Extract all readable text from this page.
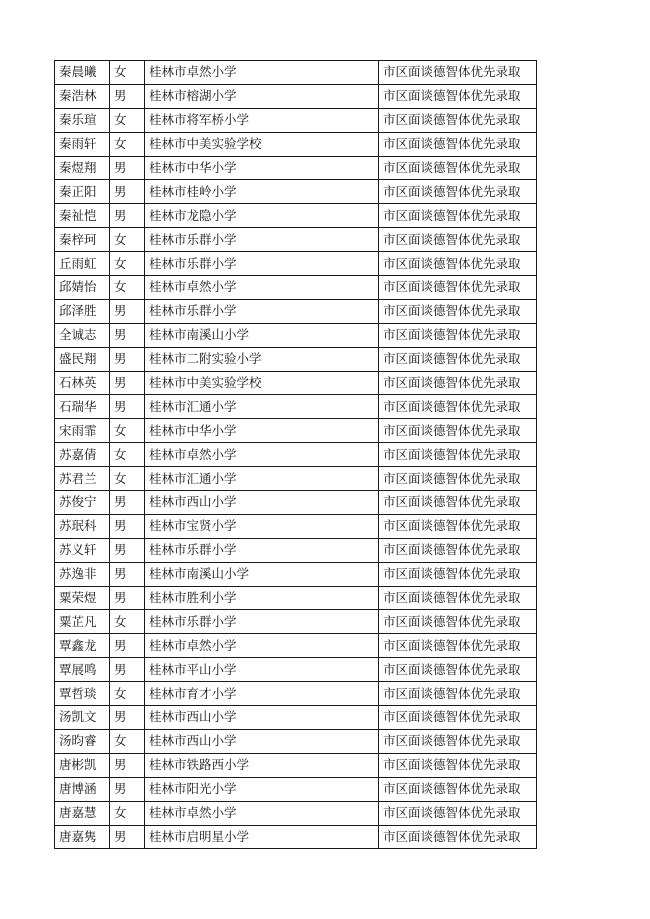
秦晨曦	女	桂林市卓然小学	市区面谈德智体优先录取
秦浩林	男	桂林市榕湖小学	市区面谈德智体优先录取
秦乐瑄	女	桂林市将军桥小学	市区面谈德智体优先录取
秦雨轩	女	桂林市中美实验学校	市区面谈德智体优先录取
秦煜翔	男	桂林市中华小学	市区面谈德智体优先录取
秦正阳	男	桂林市桂岭小学	市区面谈德智体优先录取
秦祉恺	男	桂林市龙隐小学	市区面谈德智体优先录取
秦梓珂	女	桂林市乐群小学	市区面谈德智体优先录取
丘雨虹	女	桂林市乐群小学	市区面谈德智体优先录取
邱婧怡	女	桂林市卓然小学	市区面谈德智体优先录取
邱泽胜	男	桂林市乐群小学	市区面谈德智体优先录取
全诚志	男	桂林市南溪山小学	市区面谈德智体优先录取
盛民翔	男	桂林市二附实验小学	市区面谈德智体优先录取
石林英	男	桂林市中美实验学校	市区面谈德智体优先录取
石瑞华	男	桂林市汇通小学	市区面谈德智体优先录取
宋雨霏	女	桂林市中华小学	市区面谈德智体优先录取
苏嘉倩	女	桂林市卓然小学	市区面谈德智体优先录取
苏君兰	女	桂林市汇通小学	市区面谈德智体优先录取
苏俊宁	男	桂林市西山小学	市区面谈德智体优先录取
苏珉科	男	桂林市宝贤小学	市区面谈德智体优先录取
苏义轩	男	桂林市乐群小学	市区面谈德智体优先录取
苏逸非	男	桂林市南溪山小学	市区面谈德智体优先录取
粟荣煜	男	桂林市胜利小学	市区面谈德智体优先录取
粟芷凡	女	桂林市乐群小学	市区面谈德智体优先录取
覃鑫龙	男	桂林市卓然小学	市区面谈德智体优先录取
覃展鸣	男	桂林市平山小学	市区面谈德智体优先录取
覃哲琰	女	桂林市育才小学	市区面谈德智体优先录取
汤凯文	男	桂林市西山小学	市区面谈德智体优先录取
汤昀睿	女	桂林市西山小学	市区面谈德智体优先录取
唐彬凯	男	桂林市铁路西小学	市区面谈德智体优先录取
唐博涵	男	桂林市阳光小学	市区面谈德智体优先录取
唐嘉慧	女	桂林市卓然小学	市区面谈德智体优先录取
唐嘉隽	男	桂林市启明星小学	市区面谈德智体优先录取
